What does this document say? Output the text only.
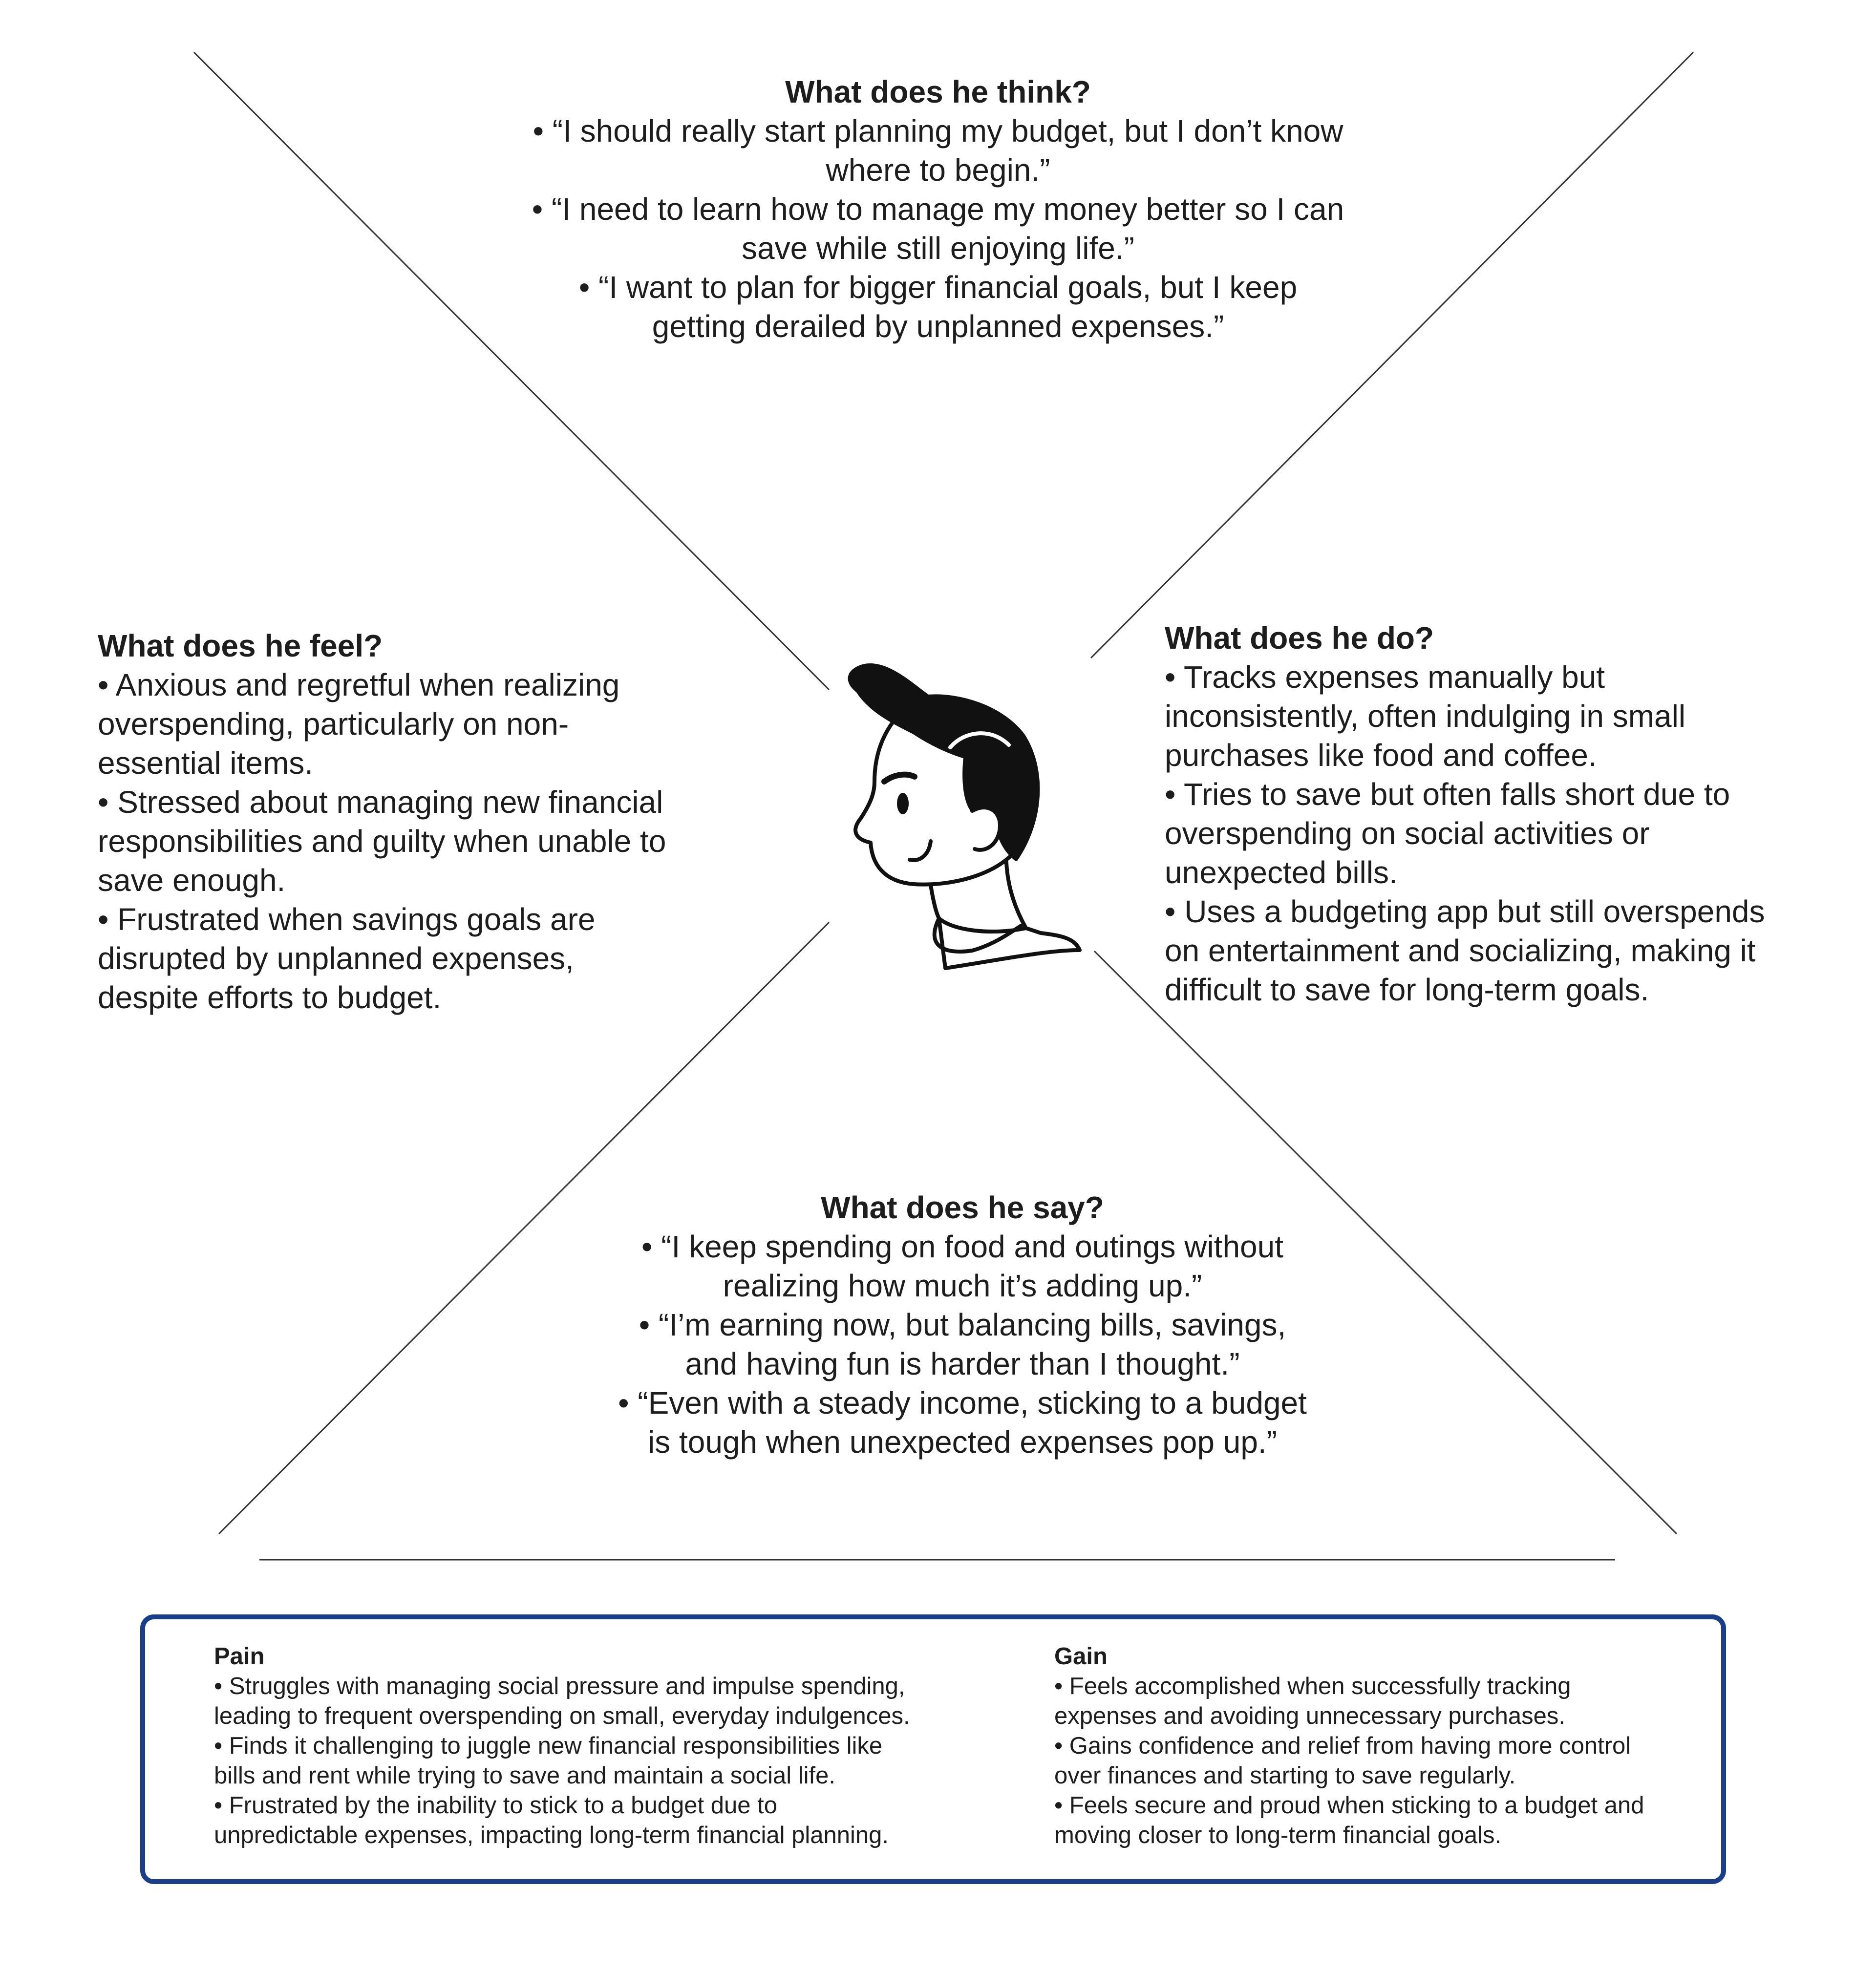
What does he think?

• “I should really start planning my budget, but I don’t know

where to begin.”

• “I need to learn how to manage my money better so I can

save while still enjoying life.”

• “I want to plan for bigger financial goals, but I keep

getting derailed by unplanned expenses.”

What does he feel?

• Anxious and regretful when realizing

overspending, particularly on non-

essential items.

• Stressed about managing new financial

responsibilities and guilty when unable to

save enough.

• Frustrated when savings goals are

disrupted by unplanned expenses,

despite efforts to budget.

What does he do?

• Tracks expenses manually but

inconsistently, often indulging in small

purchases like food and coffee.

• Tries to save but often falls short due to

overspending on social activities or

unexpected bills.

• Uses a budgeting app but still overspends

on entertainment and socializing, making it

difficult to save for long-term goals.

What does he say?

• “I keep spending on food and outings without

realizing how much it’s adding up.”

• “I’m earning now, but balancing bills, savings,

and having fun is harder than I thought.”

• “Even with a steady income, sticking to a budget

is tough when unexpected expenses pop up.”

Pain

• Struggles with managing social pressure and impulse spending,

leading to frequent overspending on small, everyday indulgences.

• Finds it challenging to juggle new financial responsibilities like

bills and rent while trying to save and maintain a social life.

• Frustrated by the inability to stick to a budget due to

unpredictable expenses, impacting long-term financial planning.

Gain

• Feels accomplished when successfully tracking

expenses and avoiding unnecessary purchases.

• Gains confidence and relief from having more control

over finances and starting to save regularly.

• Feels secure and proud when sticking to a budget and

moving closer to long-term financial goals.
